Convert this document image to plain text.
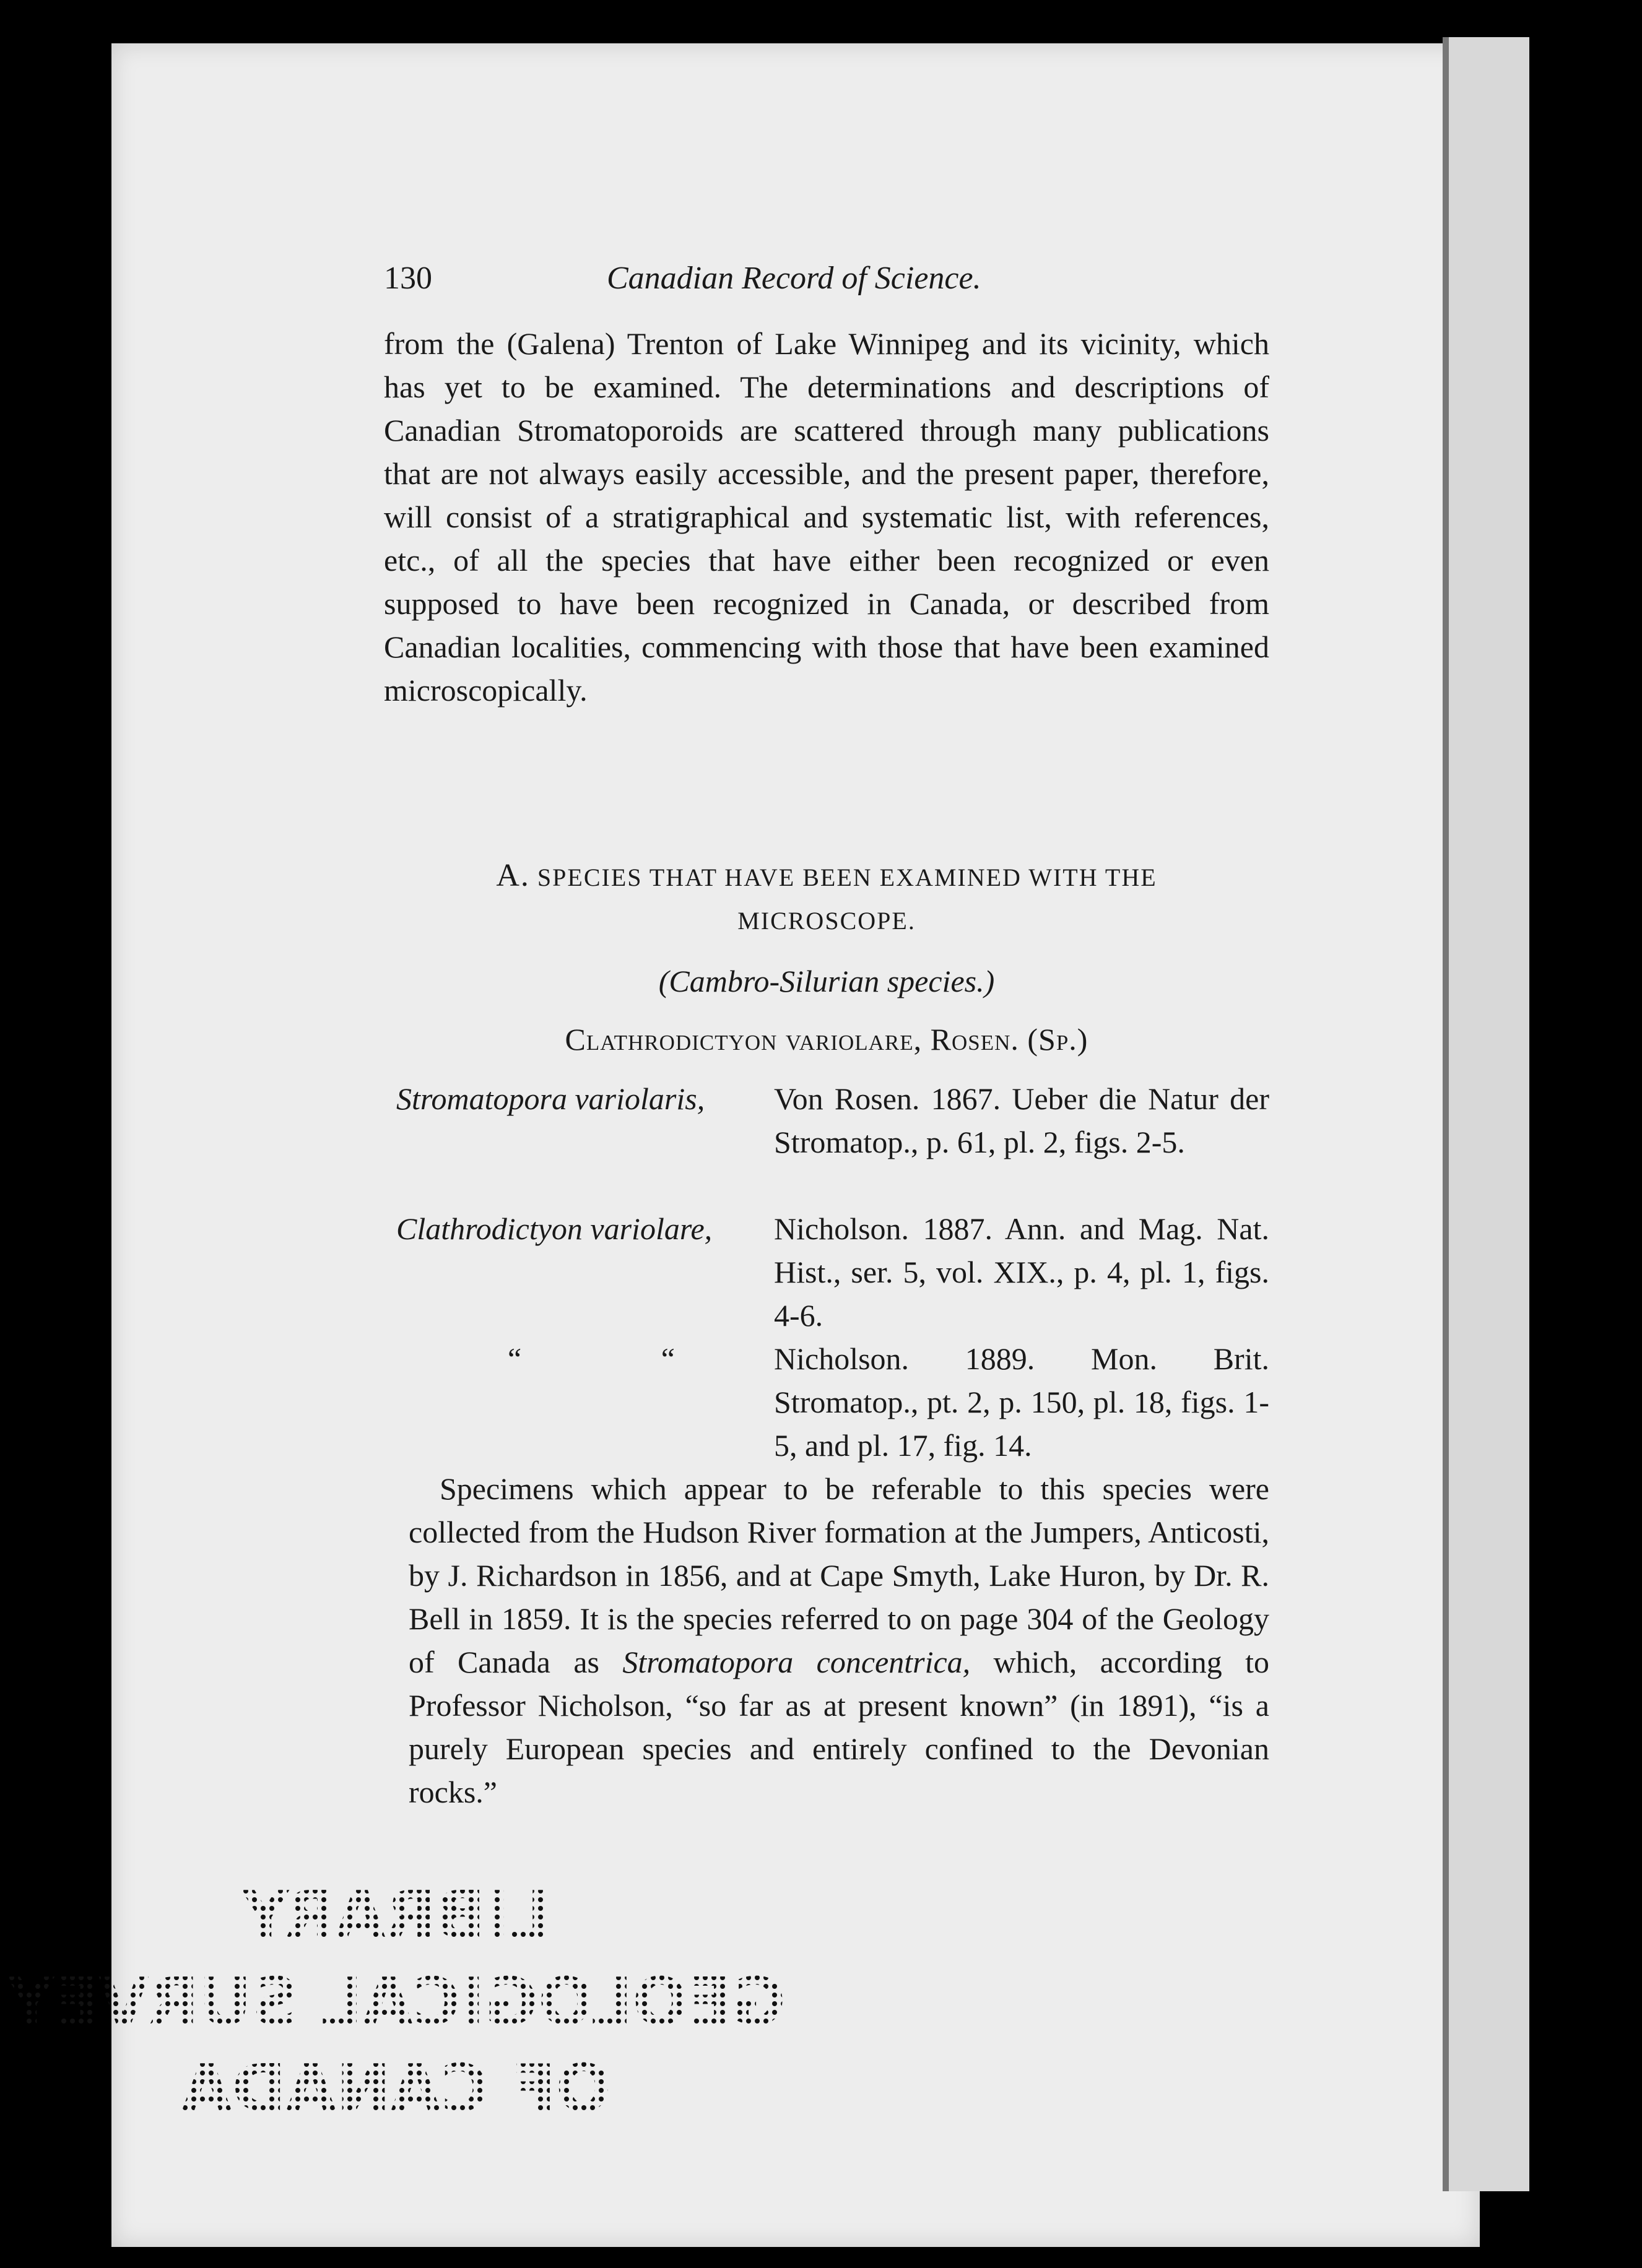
130	Canadian Record of Science.

from the (Galena) Trenton of Lake Winnipeg and its vicinity, which has yet to be examined. The determinations and descriptions of Canadian Stromatoporoids are scattered through many publications that are not always easily accessible, and the present paper, therefore, will consist of a stratigraphical and systematic list, with references, etc., of all the species that have either been recognized or even supposed to have been recognized in Canada, or described from Canadian localities, commencing with those that have been examined microscopically.

A. SPECIES THAT HAVE BEEN EXAMINED WITH THE
MICROSCOPE.
(Cambro-Silurian species.)
Clathrodictyon variolare, Rosen. (Sp.)
Stromatopora variolaris, Von Rosen. 1867. Ueber die Natur der Stromatop., p. 61, pl. 2, figs. 2-5.
Clathrodictyon variolare, Nicholson. 1887. Ann. and Mag. Nat. Hist., ser. 5, vol. XIX., p. 4, pl. 1, figs. 4-6.
“	“	Nicholson. 1889. Mon. Brit. Stromatop., pt. 2, p. 150, pl. 18, figs. 1-5, and pl. 17, fig. 14.

Specimens which appear to be referable to this species were collected from the Hudson River formation at the Jumpers, Anticosti, by J. Richardson in 1856, and at Cape Smyth, Lake Huron, by Dr. R. Bell in 1859. It is the species referred to on page 304 of the Geology of Canada as Stromatopora concentrica, which, according to Professor Nicholson, “so far as at present known” (in 1891), “is a purely European species and entirely confined to the Devonian rocks.”

LIBRARY
GEOLOGICAL SURVEY
OF CANADA
